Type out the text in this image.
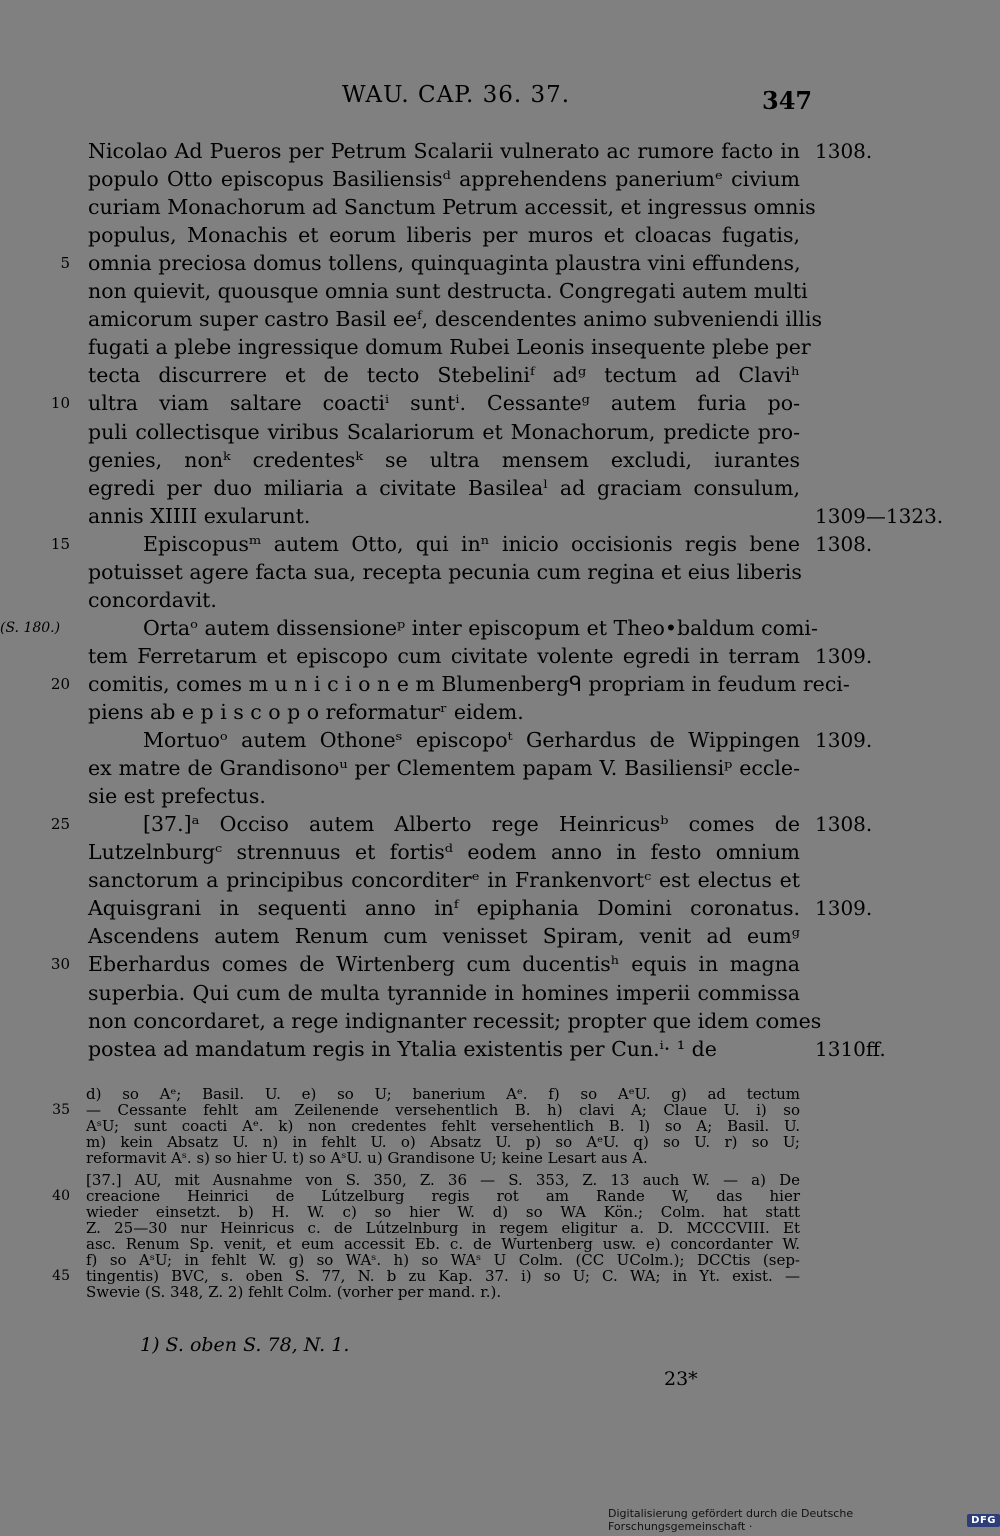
WAU. CAP. 36. 37.	347
Nicolao Ad Pueros per Petrum Scalarii vulnerato ac rumore facto in
populo Otto episcopus Basiliensisᵈ apprehendens paneriumᵉ civium
curiam Monachorum ad Sanctum Petrum accessit, et ingressus omnis
populus, Monachis et eorum liberis per muros et cloacas fugatis,
omnia preciosa domus tollens, quinquaginta plaustra vini effundens,
non quievit, quousque omnia sunt destructa. Congregati autem multi
amicorum super castro Basil eeᶠ, descendentes animo subveniendi illis
fugati a plebe ingressique domum Rubei Leonis insequente plebe per
tecta discurrere et de tecto Stebeliniᶠ adᵍ tectum ad Claviʰ
ultra viam saltare coactiⁱ suntⁱ. Cessanteᵍ autem furia po-
puli collectisque viribus Scalariorum et Monachorum, predicte pro-
genies, nonᵏ credentesᵏ se ultra mensem excludi, iurantes
egredi per duo miliaria a civitate Basileaˡ ad graciam consulum,
annis XIIII exularunt.
Episcopusᵐ autem Otto, qui inⁿ inicio occisionis regis bene
potuisset agere facta sua, recepta pecunia cum regina et eius liberis
concordavit.
Ortaᵒ autem dissensioneᵖ inter episcopum et Theo•baldum comi-
tem Ferretarum et episcopo cum civitate volente egredi in terram
comitis, comes m u n i c i o n e m Blumenbergᑫ propriam in feudum reci-
piens ab e p i s c o p o reformaturʳ eidem.
Mortuoᵒ autem Othoneˢ episcopoᵗ Gerhardus de Wippingen
ex matre de Grandisonoᵘ per Clementem papam V. Basiliensiᵖ eccle-
sie est prefectus.
[37.]ᵃ Occiso autem Alberto rege Heinricusᵇ comes de
Lutzelnburgᶜ strennuus et fortisᵈ eodem anno in festo omnium
sanctorum a principibus concorditerᵉ in Frankenvortᶜ est electus et
Aquisgrani in sequenti anno inᶠ epiphania Domini coronatus.
Ascendens autem Renum cum venisset Spiram, venit ad eumᵍ
Eberhardus comes de Wirtenberg cum ducentisʰ equis in magna
superbia. Qui cum de multa tyrannide in homines imperii commissa
non concordaret, a rege indignanter recessit; propter que idem comes
postea ad mandatum regis in Ytalia existentis per Cun.ⁱ· ¹ de
5
10
15
20
25
30
(S. 180.)
1308.
1309—1323.
1308.
1309.
1309.
1308.
1309.
1310ff.
d) so Aᵉ; Basil. U. e) so U; banerium Aᵉ. f) so AᵉU. g) ad tectum
— Cessante fehlt am Zeilenende versehentlich B. h) clavi A; Claue U. i) so
AˢU; sunt coacti Aᵉ. k) non credentes fehlt versehentlich B. l) so A; Basil. U.
m) kein Absatz U. n) in fehlt U. o) Absatz U. p) so AᵉU. q) so U. r) so U;
reformavit Aˢ. s) so hier U. t) so AˢU. u) Grandisone U; keine Lesart aus A.
[37.] AU, mit Ausnahme von S. 350, Z. 36 — S. 353, Z. 13 auch W. — a) De
creacione Heinrici de Lútzelburg regis rot am Rande W, das hier
wieder einsetzt. b) H. W. c) so hier W. d) so WA Kön.; Colm. hat statt
Z. 25—30 nur Heinricus c. de Lútzelnburg in regem eligitur a. D. MCCCVIII. Et
asc. Renum Sp. venit, et eum accessit Eb. c. de Wurtenberg usw. e) concordanter W.
f) so AˢU; in fehlt W. g) so WAˢ. h) so WAˢ U Colm. (CC UColm.); DCCtis (sep-
tingentis) BVC, s. oben S. 77, N. b zu Kap. 37. i) so U; C. WA; in Yt. exist. —
Swevie (S. 348, Z. 2) fehlt Colm. (vorher per mand. r.).
35
40
45
1) S. oben S. 78, N. 1.
23*
Digitalisierung gefördert durch die Deutsche Forschungsgemeinschaft ·	DFG
